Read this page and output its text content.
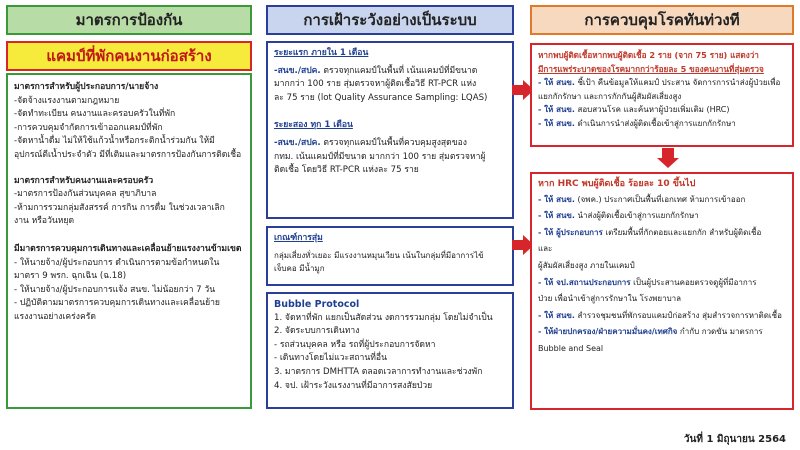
มาตรการป้องกัน
แคมป์ที่พักคนงานก่อสร้าง
มาตรการสำหรับผู้ประกอบการ/นายจ้าง
-จัดจ้างแรงงานตามกฎหมาย
-จัดทำทะเบียน คนงานและครอบครัวในที่พัก
-การควบคุมจำกัดการเข้าออกแคมป์ที่พัก
-จัดหาน้ำดื่ม ไม่ให้ใช้แก้วน้ำหรือกระติกน้ำร่วมกัน ให้มี
อุปกรณ์ตีเน้ำประจำตัว มีที่เติมและมาตรการป้องกันการติดเชื้อ
มาตรการสำหรับคนงานและครอบครัว
-มาตรการป้องกันส่วนบุคคล สุขาภิบาล
-ห้ามการรวมกลุ่มสังสรรค์ การกิน การดื่ม ในช่วงเวลาเลิก
งาน หรือวันหยุด
มีมาตรการควบคุมการเดินทางและเคลื่อนย้ายแรงงานข้ามเขต
- ให้นายจ้าง/ผู้ประกอบการ ดำเนินการตามข้อกำหนดใน
มาตรา 9 พรก. ฉุกเฉิน (ฉ.18)
- ให้นายจ้าง/ผู้ประกอบการแจ้ง สนข. ไม่น้อยกว่า 7 วัน
- ปฏิบัติตามมาตรการควบคุมการเดินทางและเคลื่อนย้าย
แรงงานอย่างเคร่งครัด
การเฝ้าระวังอย่างเป็นระบบ
ระยะแรก ภายใน 1 เดือน
-สนข./สปค. ตรวจทุกแคมป์ในพื้นที่ เน้นแคมป์ที่มีขนาด
มากกว่า 100 ราย สุ่มตรวจหาผู้ติดเชื้อวิธี RT-PCR แห่ง
ละ 75 ราย (lot Quality Assurance Sampling: LQAS)
ระยะสอง ทุก 1 เดือน
-สนข./สปค. ตรวจทุกแคมป์ในพื้นที่ควบคุมสูงสุดของ
กทม. เน้นแคมป์ที่มีขนาด มากกว่า 100 ราย สุ่มตรวจหาผู้
ติดเชื้อ โดยวิธี RT-PCR แห่งละ 75 ราย
เกณฑ์การสุ่ม
กลุ่มเสี่ยงทั่วเยอะ มีแรงงานหมุนเวียน เน้นในกลุ่มที่มีอาการไข้
เจ็บคอ มีน้ำมูก
Bubble Protocol
1. จัดหาที่พัก แยกเป็นสัดส่วน งดการรวมกลุ่ม โดยไม่จำเป็น
2. จัดระบบการเดินทาง
- รถส่วนบุคคล หรือ รถที่ผู้ประกอบการจัดหา
- เดินทางโดยไม่แวะสถานที่อื่น
3. มาตรการ DMHTTA ตลอดเวลาการทำงานและช่วงพัก
4. จป. เฝ้าระวังแรงงานที่มีอาการสงสัยป่วย
การควบคุมโรคทันท่วงที
หากพบผู้ติดเชื้อหากพบผู้ติดเชื้อ 2 ราย (จาก 75 ราย) แสดงว่า
มีการแพร่ระบาดของโรคมากกว่าร้อยละ 5 ของคนงานที่สุ่มตรวจ
- ให้ สนข. ชี้เป้า คืนข้อมูลให้แคมป์ ประสาน จัดการการนำส่งผู้ป่วยเพื่อ
แยกกักรักษา และการกักกันผู้สัมผัสเสี่ยงสูง
- ให้ สนข. สอบสวนโรค และค้นหาผู้ป่วยเพิ่มเติม (HRC)
- ให้ สนข. ดำเนินการนำส่งผู้ติดเชื้อเข้าสู่การแยกกักรักษา
หาก HRC พบผู้ติดเชื้อ ร้อยละ 10 ขึ้นไป
- ให้ สนข. (จพค.) ประกาศเป็นพื้นที่เอกเทศ ห้ามการเข้าออก
- ให้ สนข. นำส่งผู้ติดเชื้อเข้าสู่การแยกกักรักษา
- ให้ ผู้ประกอบการ เตรียมพื้นที่กักตอยและแยกกัก สำหรับผู้ติดเชื้อ
และ
ผู้สัมผัสเสี่ยงสูง ภายในแคมป์
- ให้ จป.สถานประกอบการ เป็นผู้ประสานคอยตรวจดูผู้ที่มีอาการ
ป่วย เพื่อนำเข้าสู่การรักษาใน โรงพยาบาล
- ให้ สนข. สำรวจชุมชนที่พักรอบแคมป์ก่อสร้าง สุ่มสำรวจการหาติดเชื้อ
- ให้ฝ่ายปกครอง/ฝ่ายความมั่นคง/เทศกิจ กำกับ กวดขัน มาตรการ
Bubble and Seal
วันที่ 1 มิถุนายน 2564
